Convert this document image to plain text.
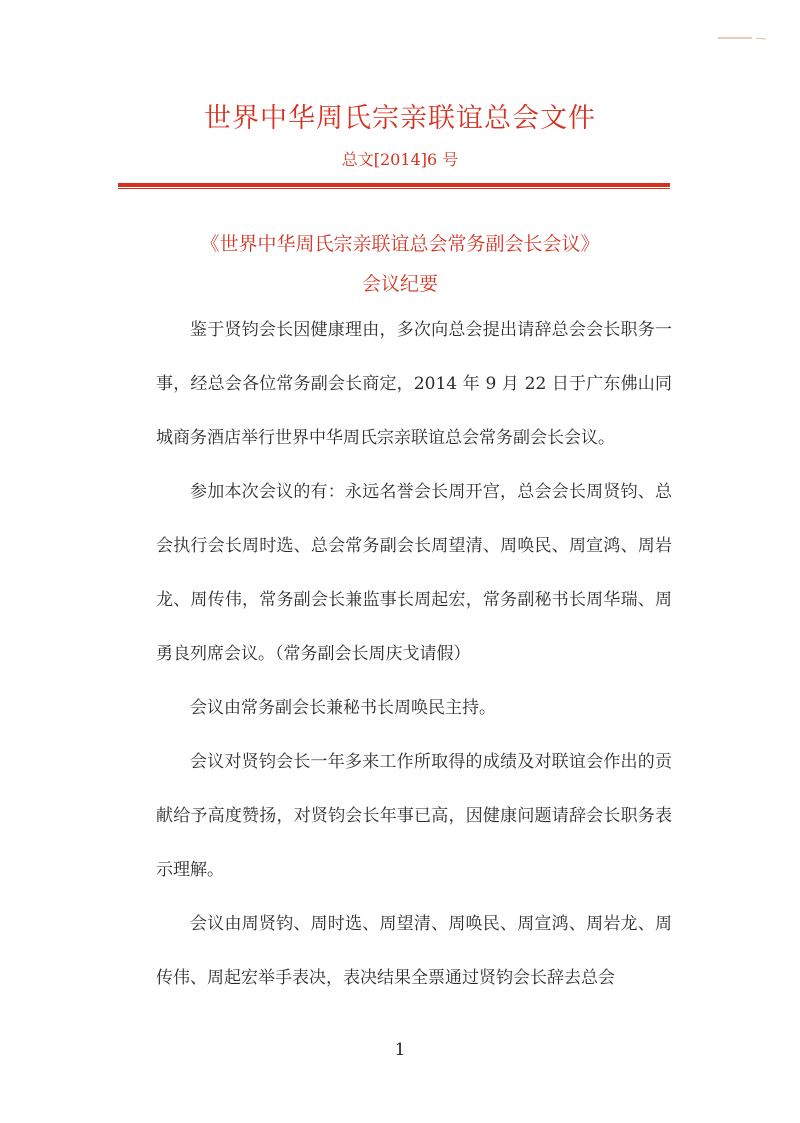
世界中华周氏宗亲联谊总会文件
总文[2014]6 号
《世界中华周氏宗亲联谊总会常务副会长会议》
会议纪要

鉴于贤钧会长因健康理由，多次向总会提出请辞总会会长职务一事，经总会各位常务副会长商定，2014 年 9 月 22 日于广东佛山同城商务酒店举行世界中华周氏宗亲联谊总会常务副会长会议。

参加本次会议的有：永远名誉会长周开宫，总会会长周贤钧、总会执行会长周时选、总会常务副会长周望清、周唤民、周宣鸿、周岩龙、周传伟，常务副会长兼监事长周起宏，常务副秘书长周华瑞、周勇良列席会议。（常务副会长周庆戈请假）

会议由常务副会长兼秘书长周唤民主持。

会议对贤钧会长一年多来工作所取得的成绩及对联谊会作出的贡献给予高度赞扬，对贤钧会长年事已高，因健康问题请辞会长职务表示理解。

会议由周贤钧、周时选、周望清、周唤民、周宣鸿、周岩龙、周传伟、周起宏举手表决，表决结果全票通过贤钧会长辞去总会

1
